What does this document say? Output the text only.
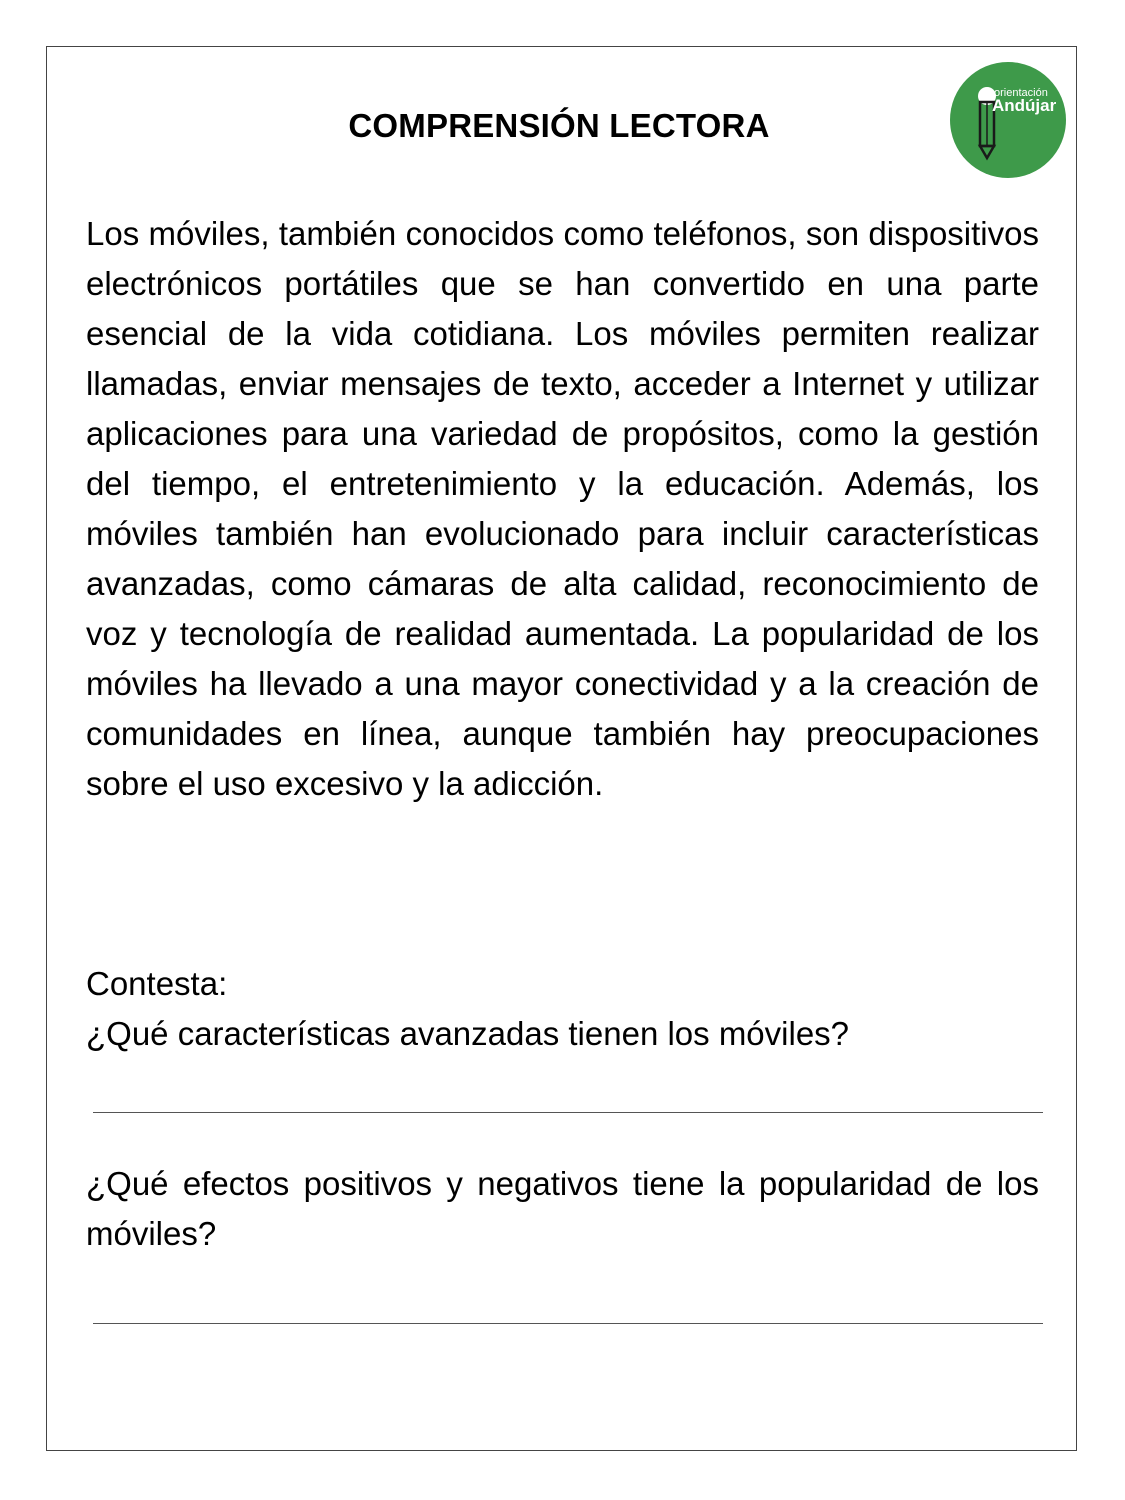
orientación
Andújar
COMPRENSIÓN LECTORA

Los móviles, también conocidos como teléfonos, son dispositivos electrónicos portátiles que se han convertido en una parte esencial de la vida cotidiana. Los móviles permiten realizar llamadas, enviar mensajes de texto, acceder a Internet y utilizar aplicaciones para una variedad de propósitos, como la gestión del tiempo, el entretenimiento y la educación. Además, los móviles también han evolucionado para incluir características avanzadas, como cámaras de alta calidad, reconocimiento de voz y tecnología de realidad aumentada. La popularidad de los móviles ha llevado a una mayor conectividad y a la creación de comunidades en línea, aunque también hay preocupaciones sobre el uso excesivo y la adicción.

Contesta:

¿Qué características avanzadas tienen los móviles?

¿Qué efectos positivos y negativos tiene la popularidad de los móviles?
